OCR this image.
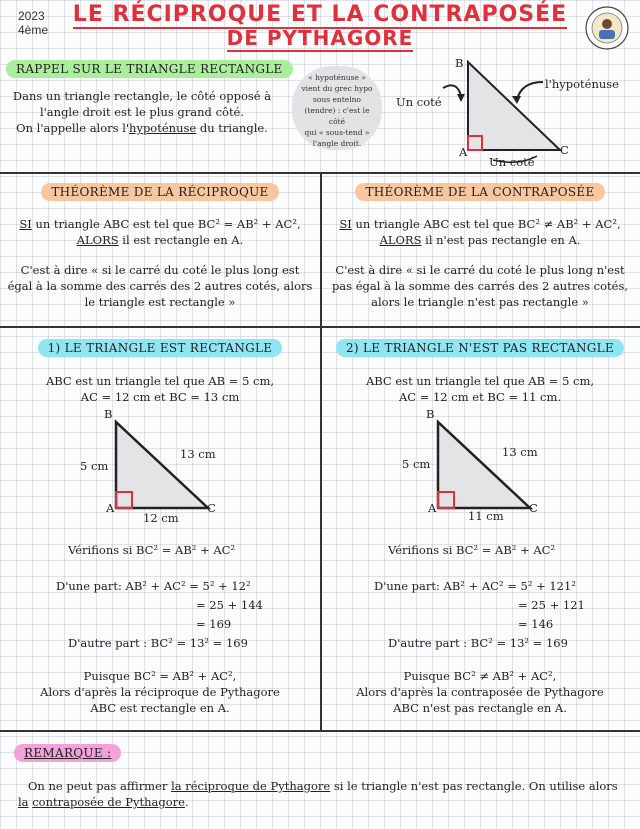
2023
4ème
LE RÉCIPROQUE ET LA CONTRAPOSÉE
DE PYTHAGORE
RAPPEL SUR LE TRIANGLE RECTANGLE
Dans un triangle rectangle, le côté opposé à
l'angle droit est le plus grand côté.
On l'appelle alors l'hypoténuse du triangle.
« hypoténuse »
vient du grec hypo
sous entelno
(tendre) : c'est le côté
qui « sous-tend »
l'angle droit.
B
A	C
l'hypoténuse
Un coté
Un coté
THÉORÈME DE LA RÉCIPROQUE
SI un triangle ABC est tel que BC² = AB² + AC²,
ALORS il est rectangle en A.
C'est à dire « si le carré du coté le plus long est
égal à la somme des carrés des 2 autres cotés, alors
le triangle est rectangle »
THÉORÈME DE LA CONTRAPOSÉE
SI un triangle ABC est tel que BC² ≠ AB² + AC²,
ALORS il n'est pas rectangle en A.
C'est à dire « si le carré du coté le plus long n'est
pas égal à la somme des carrés des 2 autres cotés,
alors le triangle n'est pas rectangle »
1) LE TRIANGLE EST RECTANGLE
ABC est un triangle tel que AB = 5 cm,
AC = 12 cm et BC = 13 cm
B
A	C
5 cm
12 cm
13 cm
Vérifions si BC² = AB² + AC²
D'une part: AB² + AC² = 5² + 12²
= 25 + 144
= 169
D'autre part : BC² = 13² = 169
Puisque BC² = AB² + AC²,
Alors d'après la réciproque de Pythagore
ABC est rectangle en A.
2) LE TRIANGLE N'EST PAS RECTANGLE
ABC est un triangle tel que AB = 5 cm,
AC = 12 cm et BC = 11 cm.
B
A	C
5 cm
11 cm
13 cm
Vérifions si BC² = AB² + AC²
D'une part: AB² + AC² = 5² + 121²
= 25 + 121
= 146
D'autre part : BC² = 13² = 169
Puisque BC² ≠ AB² + AC²,
Alors d'après la contraposée de Pythagore
ABC n'est pas rectangle en A.
REMARQUE :
On ne peut pas affirmer la réciproque de Pythagore si le triangle n'est pas rectangle. On utilise alors la contraposée de Pythagore.
